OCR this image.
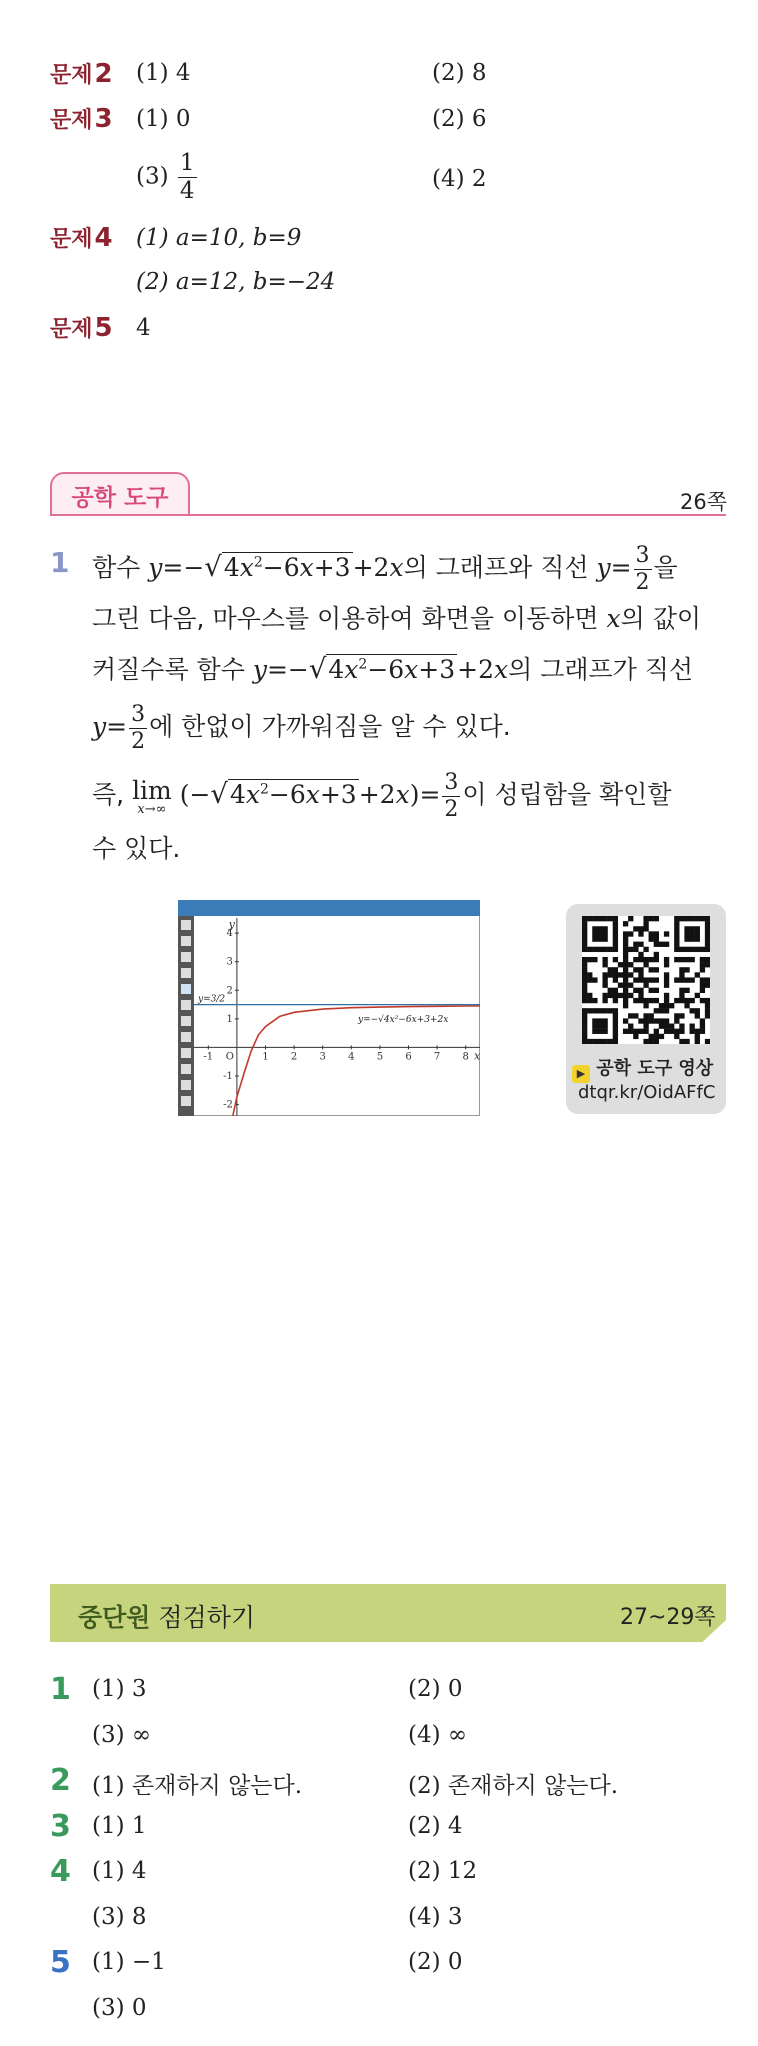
문제2 (1) 4	(2) 8
문제3 (1) 0	(2) 6
$(3) \frac{1}{4}$	(4) 2
문제4 (1) a=10, b=9
(2) a=12, b=−24
문제5 4
공학 도구	26쪽
1 함수 $y=-√4x^2-6x+3+2x$의 그래프와 직선 $y= \frac{3}{2}$ 을
그린 다음, 마우스를 이용하여 화면을 이동하면 x의 값이
커질수록 함수 $y=-√4x^2-6x+3+2x$의 그래프가 직선
$y= \frac{3}{2}$ 에 한없이 가까워짐을 알 수 있다.
즉, lim
x→∞ $(-√4x^2-6x+3+2x)= \frac{3}{2}$ 이 성립함을 확인할
수 있다.
-1 O	1 2 3 4 5 6 7 8
4
3
2
1
-1
-2
x
y
y=3/2
y=−√4x²−6x+3+2x
▶ 공학 도구 영상
dtqr.kr/OidAFfC
중단원 점검하기	27~29쪽
1 (1) 3	(2) 0
(3) ∞	(4) ∞
2 (1) 존재하지 않는다.	(2) 존재하지 않는다.
3 (1) 1	(2) 4
4 (1) 4	(2) 12
(3) 8	(4) 3
5 (1) −1	(2) 0
(3) 0
